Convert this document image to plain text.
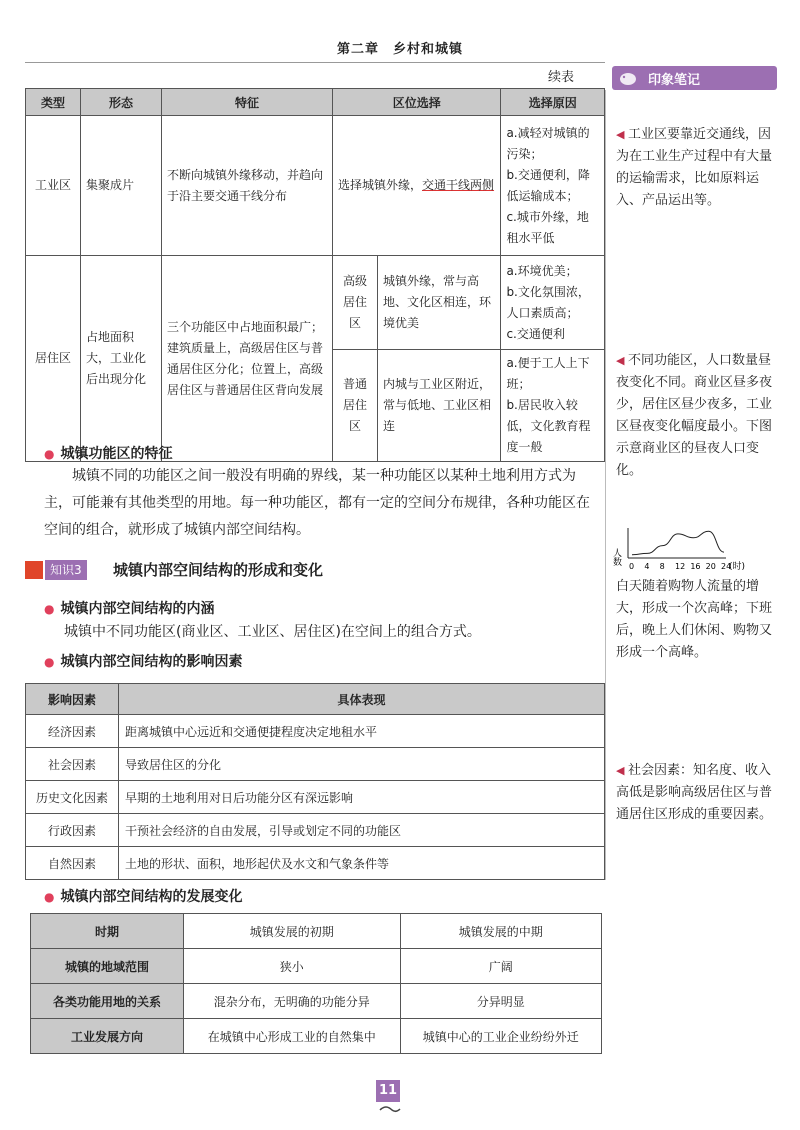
第二章　乡村和城镇
续表	印象笔记
类型	形态	特征	区位选择		选择原因
工业区	集聚成片	不断向城镇外缘移动，并趋向于沿主要交通干线分布	选择城镇外缘，交通干线两侧		a.减轻对城镇的污染；
b.交通便利，降低运输成本；
c.城市外缘，地租水平低

居住区	占地面积大，工业化后出现分化	三个功能区中占地面积最广；建筑质量上，高级居住区与普通居住区分化；位置上，高级居住区与普通居住区背向发展	高级居住区	城镇外缘，常与高地、文化区相连，环境优美	a.环境优美；
b.文化氛围浓，人口素质高；
c.交通便利

			普通居住区	内城与工业区附近，常与低地、工业区相连	a.便于工人上下班；
b.居民收入较低，文化教育程度一般
● 城镇功能区的特征
城镇不同的功能区之间一般没有明确的界线，某一种功能区以某种土地利用方式为主，可能兼有其他类型的用地。每一种功能区，都有一定的空间分布规律，各种功能区在空间的组合，就形成了城镇内部空间结构。
知识3	城镇内部空间结构的形成和变化
● 城镇内部空间结构的内涵
城镇中不同功能区(商业区、工业区、居住区)在空间上的组合方式。
● 城镇内部空间结构的影响因素
影响因素	具体表现
经济因素	距离城镇中心远近和交通便捷程度决定地租水平
社会因素	导致居住区的分化
历史文化因素	早期的土地利用对日后功能分区有深远影响
行政因素	干预社会经济的自由发展，引导或划定不同的功能区
自然因素	土地的形状、面积，地形起伏及水文和气象条件等
● 城镇内部空间结构的发展变化
时期	城镇发展的初期	城镇发展的中期
城镇的地域范围	狭小	广阔
各类功能用地的关系	混杂分布，无明确的功能分异	分异明显
工业发展方向	在城镇中心形成工业的自然集中	城镇中心的工业企业纷纷外迁
◀ 工业区要靠近交通线，因为在工业生产过程中有大量的运输需求，比如原料运入、产品运出等。
◀ 不同功能区，人口数量昼夜变化不同。商业区昼多夜少，居住区昼少夜多，工业区昼夜变化幅度最小。下图示意商业区的昼夜人口变化。
人数
0 4 8 12 16 20 24
(时)
白天随着购物人流量的增大，形成一个次高峰；下班后，晚上人们休闲、购物又形成一个高峰。
◀ 社会因素：知名度、收入高低是影响高级居住区与普通居住区形成的重要因素。
11
